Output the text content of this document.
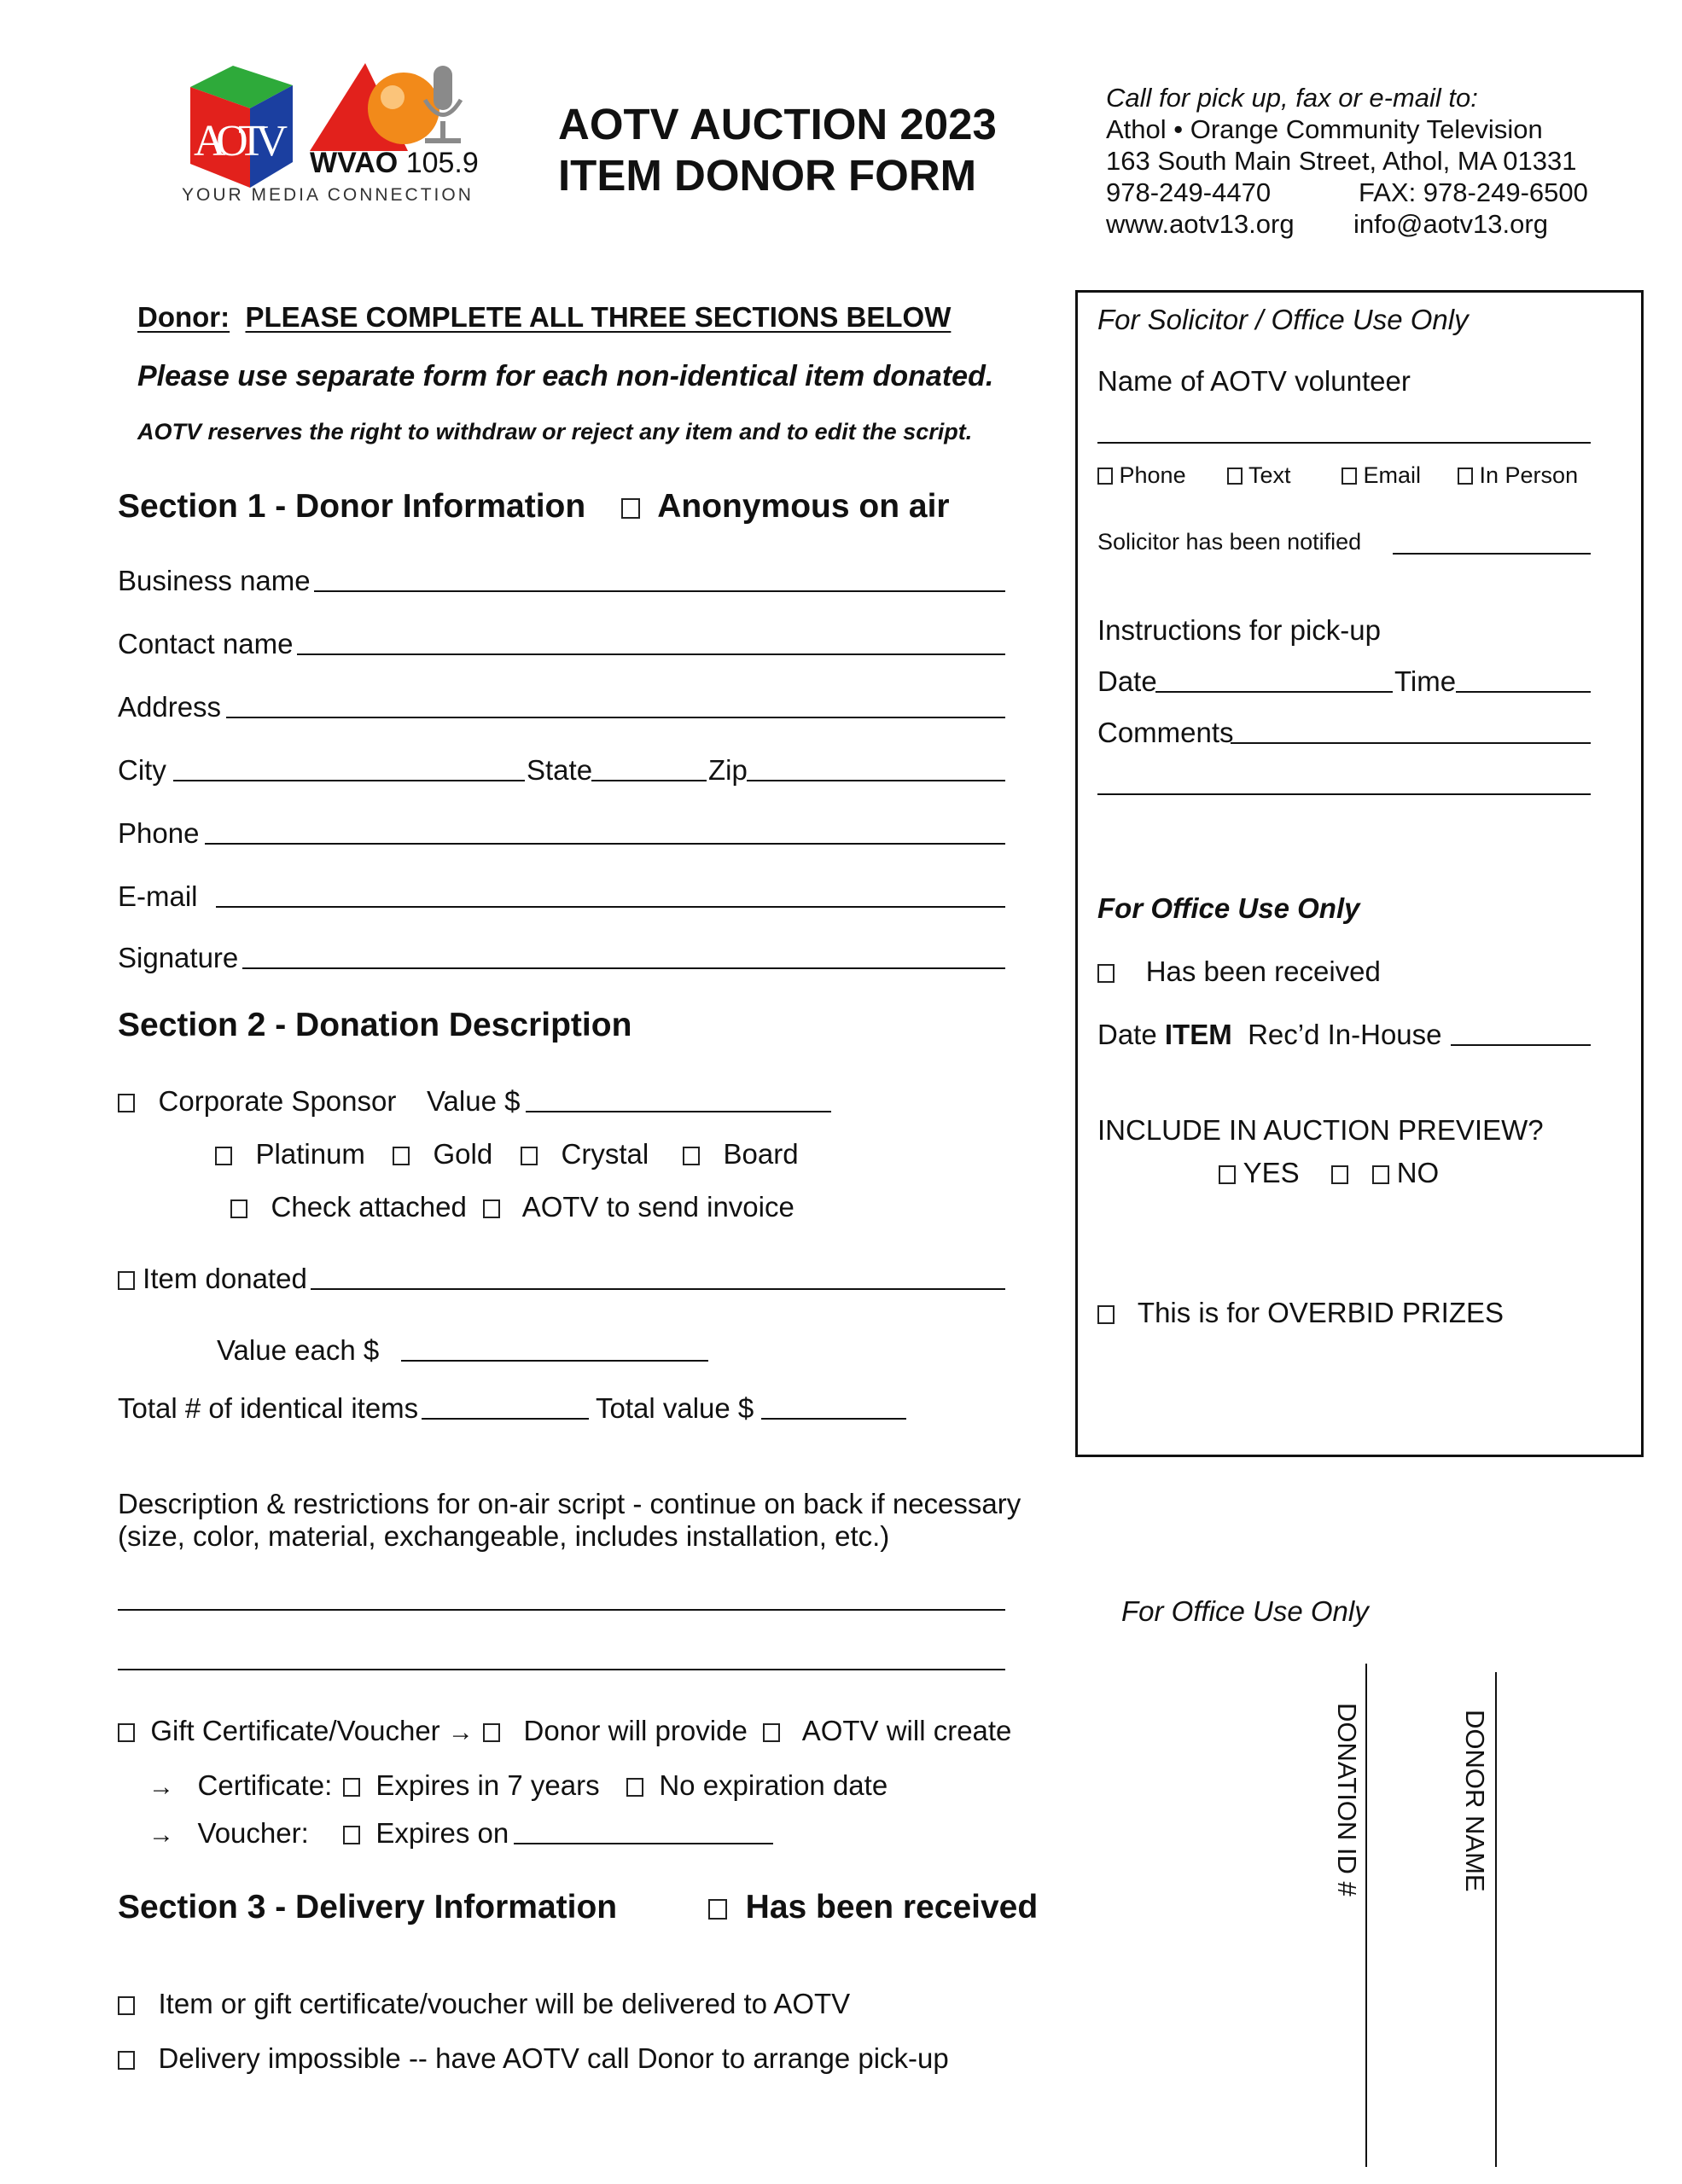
AOTV WVAO 105.9
YOUR MEDIA CONNECTION
AOTV AUCTION 2023
ITEM DONOR FORM
Call for pick up, fax or e-mail to:
Athol • Orange Community Television
163 South Main Street, Athol, MA 01331
978-249-4470	FAX: 978-249-6500
www.aotv13.org info@aotv13.org
Donor: PLEASE COMPLETE ALL THREE SECTIONS BELOW
Please use separate form for each non-identical item donated.
AOTV reserves the right to withdraw or reject any item and to edit the script.
Section 1 - Donor Information	Anonymous on air
Business name
Contact name
Address
City	State	Zip
Phone
E-mail
Signature
Section 2 - Donation Description
Corporate Sponsor Value $
Platinum	Gold	Crystal	Board
Check attached	AOTV to send invoice
Item donated
Value each $
Total # of identical items	Total value $
Description & restrictions for on-air script - continue on back if necessary
(size, color, material, exchangeable, includes installation, etc.)
Gift Certificate/Voucher →	Donor will provide	AOTV will create
→ Certificate:	Expires in 7 years	No expiration date
→ Voucher:	Expires on
Section 3 - Delivery Information	Has been received
Item or gift certificate/voucher will be delivered to AOTV
Delivery impossible -- have AOTV call Donor to arrange pick-up
For Solicitor / Office Use Only
Name of AOTV volunteer
Phone	Text	Email	In Person
Solicitor has been notified
Instructions for pick-up
Date	Time
Comments
For Office Use Only
Has been received
Date ITEM Rec’d In-House
INCLUDE IN AUCTION PREVIEW?
YES	NO
This is for OVERBID PRIZES
For Office Use Only
DONATION ID #	DONOR NAME
